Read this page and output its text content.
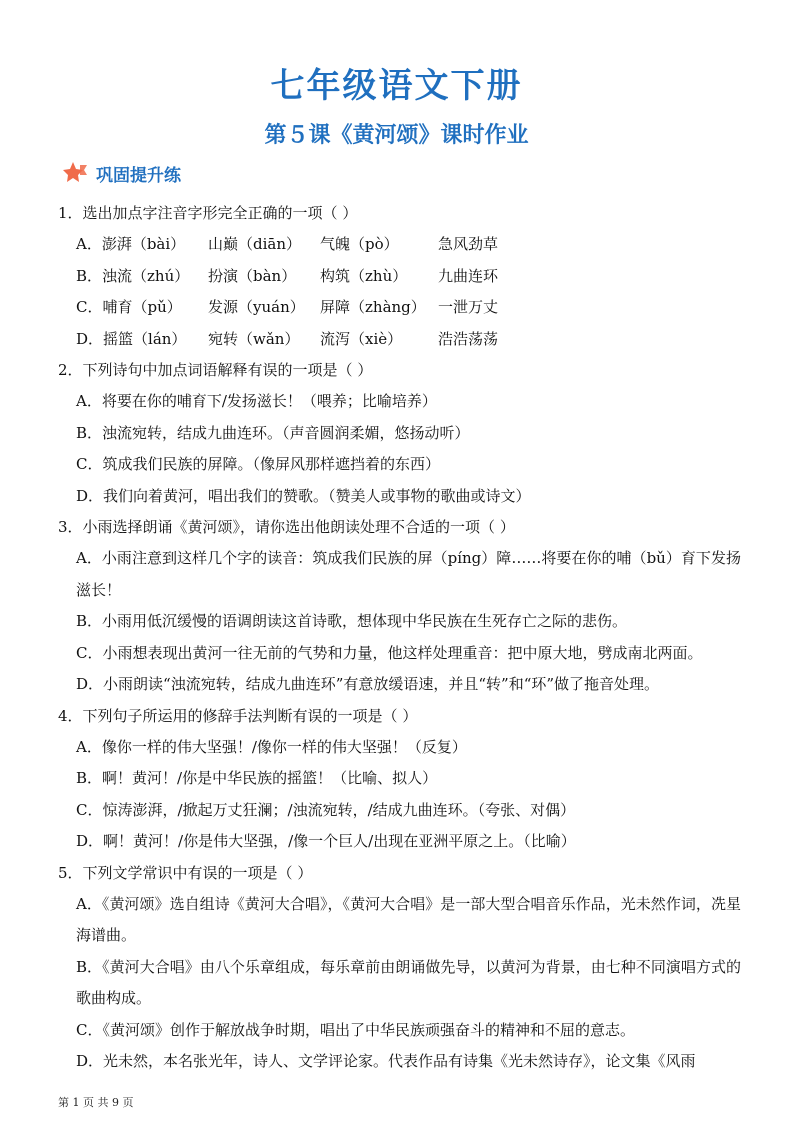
七年级语文下册
第５课《黄河颂》课时作业
巩固提升练

1．选出加点字注音字形完全正确的一项（ ）

A．澎湃（bài）	山巅（diān）	气魄（pò）	急风劲草
B．浊流（zhú）	扮演（bàn）	构筑（zhù）	九曲连环
C．哺育（pǔ）	发源（yuán）	屏障（zhàng） 一泄万丈
D．摇篮（lán）	宛转（wǎn）	流泻（xiè）	浩浩荡荡

2．下列诗句中加点词语解释有误的一项是（ ）

A．将要在你的哺育下/发扬滋长！（喂养；比喻培养）

B．浊流宛转，结成九曲连环。（声音圆润柔媚，悠扬动听）

C．筑成我们民族的屏障。（像屏风那样遮挡着的东西）

D．我们向着黄河，唱出我们的赞歌。（赞美人或事物的歌曲或诗文）

3．小雨选择朗诵《黄河颂》，请你选出他朗读处理不合适的一项（ ）

A．小雨注意到这样几个字的读音：筑成我们民族的屏（píng）障……将要在你的哺（bǔ）育下发扬滋长！

B．小雨用低沉缓慢的语调朗读这首诗歌，想体现中华民族在生死存亡之际的悲伤。

C．小雨想表现出黄河一往无前的气势和力量，他这样处理重音：把中原大地，劈成南北两面。

D．小雨朗读“浊流宛转，结成九曲连环”有意放缓语速，并且“转”和“环”做了拖音处理。

4．下列句子所运用的修辞手法判断有误的一项是（ ）

A．像你一样的伟大坚强！/像你一样的伟大坚强！（反复）

B．啊！黄河！/你是中华民族的摇篮！（比喻、拟人）

C．惊涛澎湃，/掀起万丈狂澜；/浊流宛转，/结成九曲连环。（夸张、对偶）

D．啊！黄河！/你是伟大坚强，/像一个巨人/出现在亚洲平原之上。（比喻）

5．下列文学常识中有误的一项是（ ）

A．《黄河颂》选自组诗《黄河大合唱》，《黄河大合唱》是一部大型合唱音乐作品，光未然作词，冼星海谱曲。

B．《黄河大合唱》由八个乐章组成，每乐章前由朗诵做先导，以黄河为背景，由七种不同演唱方式的歌曲构成。

C．《黄河颂》创作于解放战争时期，唱出了中华民族顽强奋斗的精神和不屈的意志。

D．光未然，本名张光年，诗人、文学评论家。代表作品有诗集《光未然诗存》，论文集《风雨

第 1 页 共 9 页
